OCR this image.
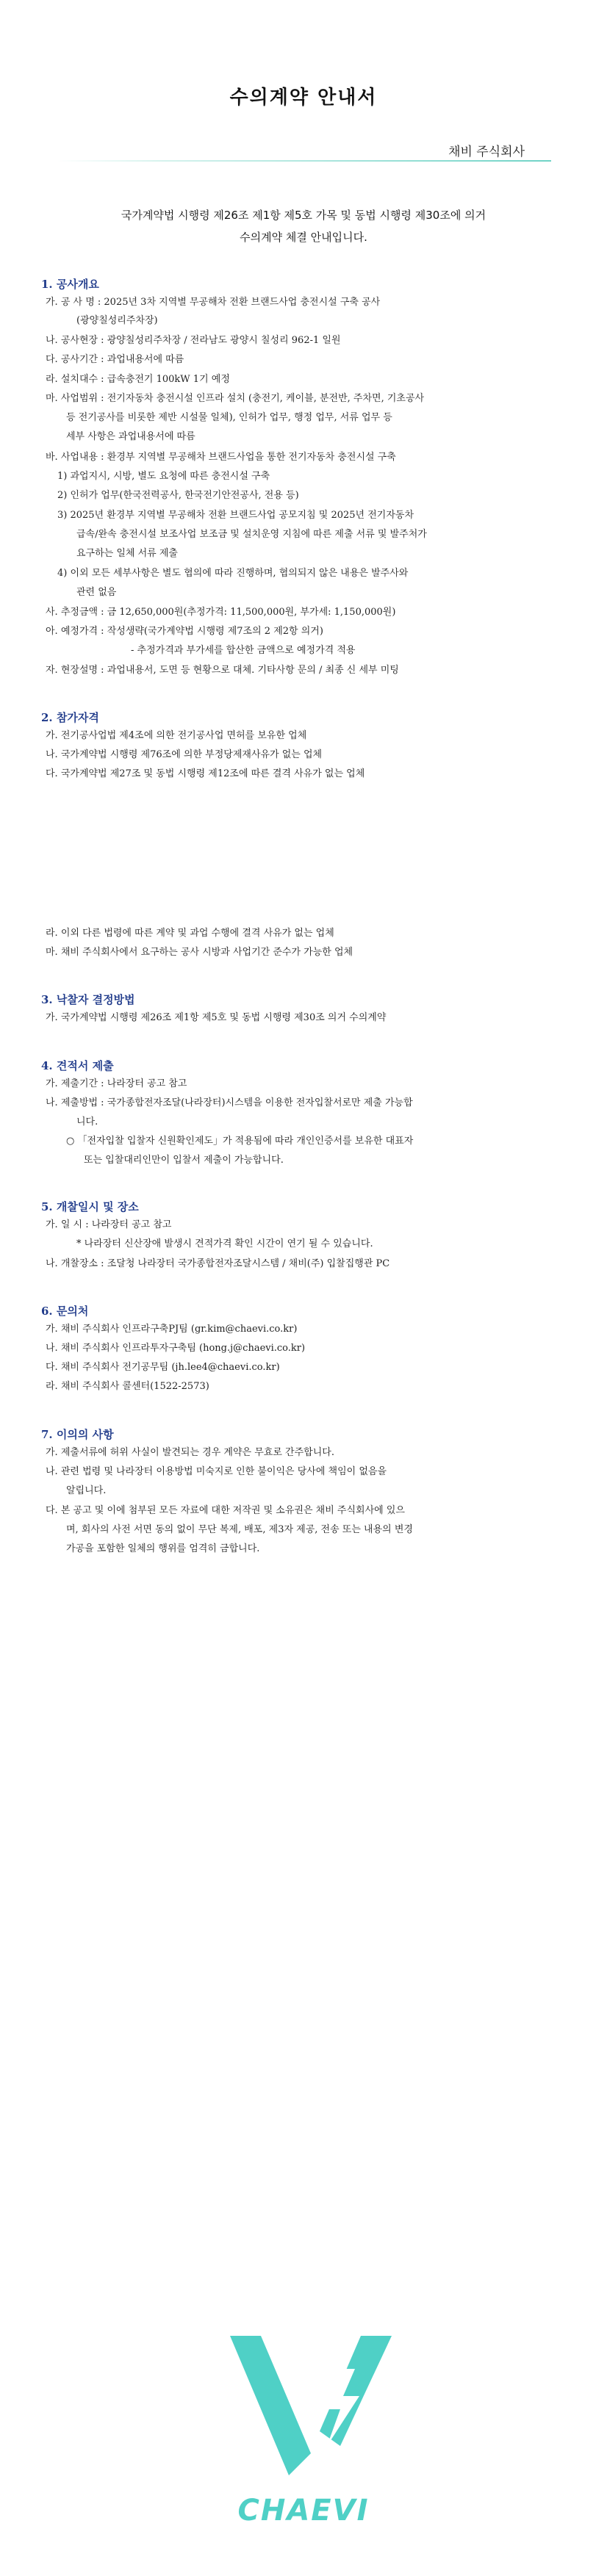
수의계약 안내서
채비 주식회사
국가계약법 시행령 제26조 제1항 제5호 가목 및 동법 시행령 제30조에 의거
수의계약 체결 안내입니다.
1. 공사개요
가. 공 사 명 : 2025년 3차 지역별 무공해차 전환 브랜드사업 충전시설 구축 공사
(광양칠성리주차장)
나. 공사현장 : 광양칠성리주차장 / 전라남도 광양시 칠성리 962-1 일원
다. 공사기간 : 과업내용서에 따름
라. 설치대수 : 급속충전기 100kW 1기 예정
마. 사업범위 : 전기자동차 충전시설 인프라 설치 (충전기, 케이블, 분전반, 주차면, 기초공사
등 전기공사를 비롯한 제반 시설물 일체), 인허가 업무, 행정 업무, 서류 업무 등
세부 사항은 과업내용서에 따름
바. 사업내용 : 환경부 지역별 무공해차 브랜드사업을 통한 전기자동차 충전시설 구축
1) 과업지시, 시방, 별도 요청에 따른 충전시설 구축
2) 인허가 업무(한국전력공사, 한국전기안전공사, 전용 등)
3) 2025년 환경부 지역별 무공해차 전환 브랜드사업 공모지침 및 2025년 전기자동차
급속/완속 충전시설 보조사업 보조금 및 설치운영 지침에 따른 제출 서류 및 발주처가
요구하는 일체 서류 제출
4) 이외 모든 세부사항은 별도 협의에 따라 진행하며, 협의되지 않은 내용은 발주사와
관련 없음
사. 추정금액 : 금 12,650,000원(추정가격: 11,500,000원, 부가세: 1,150,000원)
아. 예정가격 : 작성생략(국가계약법 시행령 제7조의 2 제2항 의거)
- 추정가격과 부가세를 합산한 금액으로 예정가격 적용
자. 현장설명 : 과업내용서, 도면 등 현황으로 대체. 기타사항 문의 / 최종 신 세부 미팅
2. 참가자격
가. 전기공사업법 제4조에 의한 전기공사업 면허를 보유한 업체
나. 국가계약법 시행령 제76조에 의한 부정당제재사유가 없는 업체
다. 국가계약법 제27조 및 동법 시행령 제12조에 따른 결격 사유가 없는 업체
라. 이외 다른 법령에 따른 계약 및 과업 수행에 결격 사유가 없는 업체
마. 채비 주식회사에서 요구하는 공사 시방과 사업기간 준수가 가능한 업체
3. 낙찰자 결정방법
가. 국가계약법 시행령 제26조 제1항 제5호 및 동법 시행령 제30조 의거 수의계약
4. 견적서 제출
가. 제출기간 : 나라장터 공고 참고
나. 제출방법 : 국가종합전자조달(나라장터)시스템을 이용한 전자입찰서로만 제출 가능합
니다.
○ 「전자입찰 입찰자 신원확인제도」가 적용됨에 따라 개인인증서를 보유한 대표자
또는 입찰대리인만이 입찰서 제출이 가능합니다.
5. 개찰일시 및 장소
가. 일 시 : 나라장터 공고 참고
* 나라장터 신산장애 발생시 견적가격 확인 시간이 연기 될 수 있습니다.
나. 개찰장소 : 조달청 나라장터 국가종합전자조달시스템 / 채비(주) 입찰집행관 PC
6. 문의처
가. 채비 주식회사 인프라구축PJ팀 (gr.kim@chaevi.co.kr)
나. 채비 주식회사 인프라투자구축팀 (hong.j@chaevi.co.kr)
다. 채비 주식회사 전기공무팀 (jh.lee4@chaevi.co.kr)
라. 채비 주식회사 콜센터(1522-2573)
7. 이의의 사항
가. 제출서류에 허위 사실이 발견되는 경우 계약은 무효로 간주합니다.
나. 관련 법령 및 나라장터 이용방법 미숙지로 인한 불이익은 당사에 책임이 없음을
알립니다.
다. 본 공고 및 이에 첨부된 모든 자료에 대한 저작권 및 소유권은 채비 주식회사에 있으
며, 회사의 사전 서면 동의 없이 무단 복제, 배포, 제3자 제공, 전송 또는 내용의 변경
가공을 포함한 일체의 행위를 엄격히 금합니다.
CHAEVI
